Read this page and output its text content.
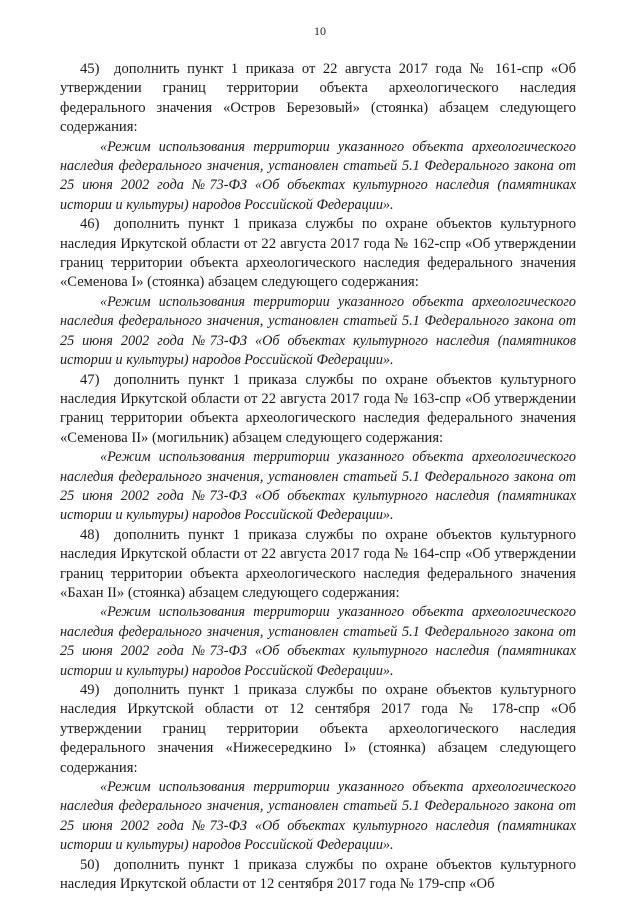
10

45) дополнить пункт 1 приказа от 22 августа 2017 года № 161-спр «Об утверждении границ территории объекта археологического наследия федерального значения «Остров Березовый» (стоянка) абзацем следующего содержания:

«Режим использования территории указанного объекта археологического наследия федерального значения, установлен статьей 5.1 Федерального закона от 25 июня 2002 года №73-ФЗ «Об объектах культурного наследия (памятниках истории и культуры) народов Российской Федерации».

46) дополнить пункт 1 приказа службы по охране объектов культурного наследия Иркутской области от 22 августа 2017 года № 162-спр «Об утверждении границ территории объекта археологического наследия федерального значения «Семенова I» (стоянка) абзацем следующего содержания:

«Режим использования территории указанного объекта археологического наследия федерального значения, установлен статьей 5.1 Федерального закона от 25 июня 2002 года №73-ФЗ «Об объектах культурного наследия (памятников истории и культуры) народов Российской Федерации».

47) дополнить пункт 1 приказа службы по охране объектов культурного наследия Иркутской области от 22 августа 2017 года № 163-спр «Об утверждении границ территории объекта археологического наследия федерального значения «Семенова II» (могильник) абзацем следующего содержания:

«Режим использования территории указанного объекта археологического наследия федерального значения, установлен статьей 5.1 Федерального закона от 25 июня 2002 года №73-ФЗ «Об объектах культурного наследия (памятниках истории и культуры) народов Российской Федерации».

48) дополнить пункт 1 приказа службы по охране объектов культурного наследия Иркутской области от 22 августа 2017 года № 164-спр «Об утверждении границ территории объекта археологического наследия федерального значения «Бахан II» (стоянка) абзацем следующего содержания:

«Режим использования территории указанного объекта археологического наследия федерального значения, установлен статьей 5.1 Федерального закона от 25 июня 2002 года №73-ФЗ «Об объектах культурного наследия (памятниках истории и культуры) народов Российской Федерации».

49) дополнить пункт 1 приказа службы по охране объектов культурного наследия Иркутской области от 12 сентября 2017 года № 178-спр «Об утверждении границ территории объекта археологического наследия федерального значения «Нижесередкино I» (стоянка) абзацем следующего содержания:

«Режим использования территории указанного объекта археологического наследия федерального значения, установлен статьей 5.1 Федерального закона от 25 июня 2002 года №73-ФЗ «Об объектах культурного наследия (памятниках истории и культуры) народов Российской Федерации».

50) дополнить пункт 1 приказа службы по охране объектов культурного наследия Иркутской области от 12 сентября 2017 года № 179-спр «Об
